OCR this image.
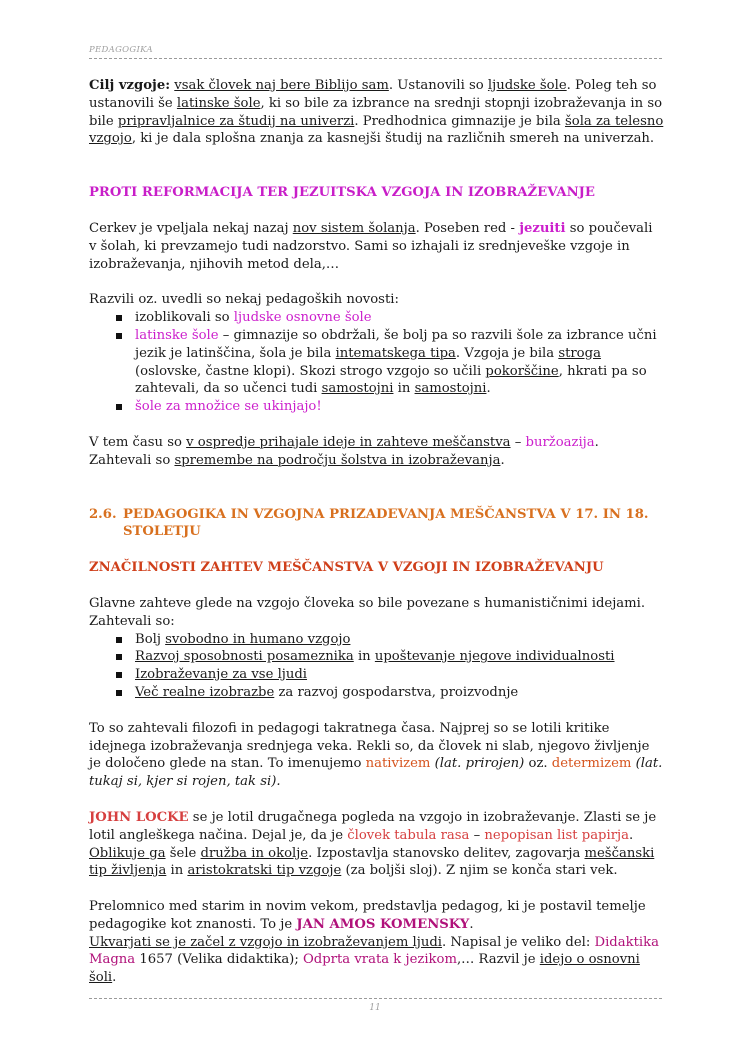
PEDAGOGIKA

Cilj vzgoje: vsak človek naj bere Biblijo sam. Ustanovili so ljudske šole. Poleg teh so ustanovili še latinske šole, ki so bile za izbrance na srednji stopnji izobraževanja in so bile pripravljalnice za študij na univerzi. Predhodnica gimnazije je bila šola za telesno vzgojo, ki je dala splošna znanja za kasnejši študij na različnih smereh na univerzah.

PROTI REFORMACIJA TER JEZUITSKA VZGOJA IN IZOBRAŽEVANJE

Cerkev je vpeljala nekaj nazaj nov sistem šolanja. Poseben red - jezuiti so poučevali v šolah, ki prevzamejo tudi nadzorstvo. Sami so izhajali iz srednjeveške vzgoje in izobraževanja, njihovih metod dela,…

Razvili oz. uvedli so nekaj pedagoških novosti:

izoblikovali so ljudske osnovne šole
latinske šole – gimnazije so obdržali, še bolj pa so razvili šole za izbrance učni jezik je latinščina, šola je bila intematskega tipa. Vzgoja je bila stroga (oslovske, častne klopi). Skozi strogo vzgojo so učili pokorščine, hkrati pa so zahtevali, da so učenci tudi samostojni in samostojni.
šole za množice se ukinjajo!

V tem času so v ospredje prihajale ideje in zahteve meščanstva – buržoazija. Zahtevali so spremembe na področju šolstva in izobraževanja.

2.6. PEDAGOGIKA IN VZGOJNA PRIZADEVANJA MEŠČANSTVA V 17. IN 18. STOLETJU

ZNAČILNOSTI ZAHTEV MEŠČANSTVA V VZGOJI IN IZOBRAŽEVANJU

Glavne zahteve glede na vzgojo človeka so bile povezane s humanističnimi idejami. Zahtevali so:

Bolj svobodno in humano vzgojo
Razvoj sposobnosti posameznika in upoštevanje njegove individualnosti
Izobraževanje za vse ljudi
Več realne izobrazbe za razvoj gospodarstva, proizvodnje

To so zahtevali filozofi in pedagogi takratnega časa. Najprej so se lotili kritike idejnega izobraževanja srednjega veka. Rekli so, da človek ni slab, njegovo življenje je določeno glede na stan. To imenujemo nativizem (lat. prirojen) oz. determizem (lat. tukaj si, kjer si rojen, tak si).

JOHN LOCKE se je lotil drugačnega pogleda na vzgojo in izobraževanje. Zlasti se je lotil angleškega načina. Dejal je, da je človek tabula rasa – nepopisan list papirja. Oblikuje ga šele družba in okolje. Izpostavlja stanovsko delitev, zagovarja meščanski tip življenja in aristokratski tip vzgoje (za boljši sloj). Z njim se konča stari vek.

Prelomnico med starim in novim vekom, predstavlja pedagog, ki je postavil temelje pedagogike kot znanosti. To je JAN AMOS KOMENSKY.
Ukvarjati se je začel z vzgojo in izobraževanjem ljudi. Napisal je veliko del: Didaktika Magna 1657 (Velika didaktika); Odprta vrata k jezikom,… Razvil je idejo o osnovni šoli.

11
